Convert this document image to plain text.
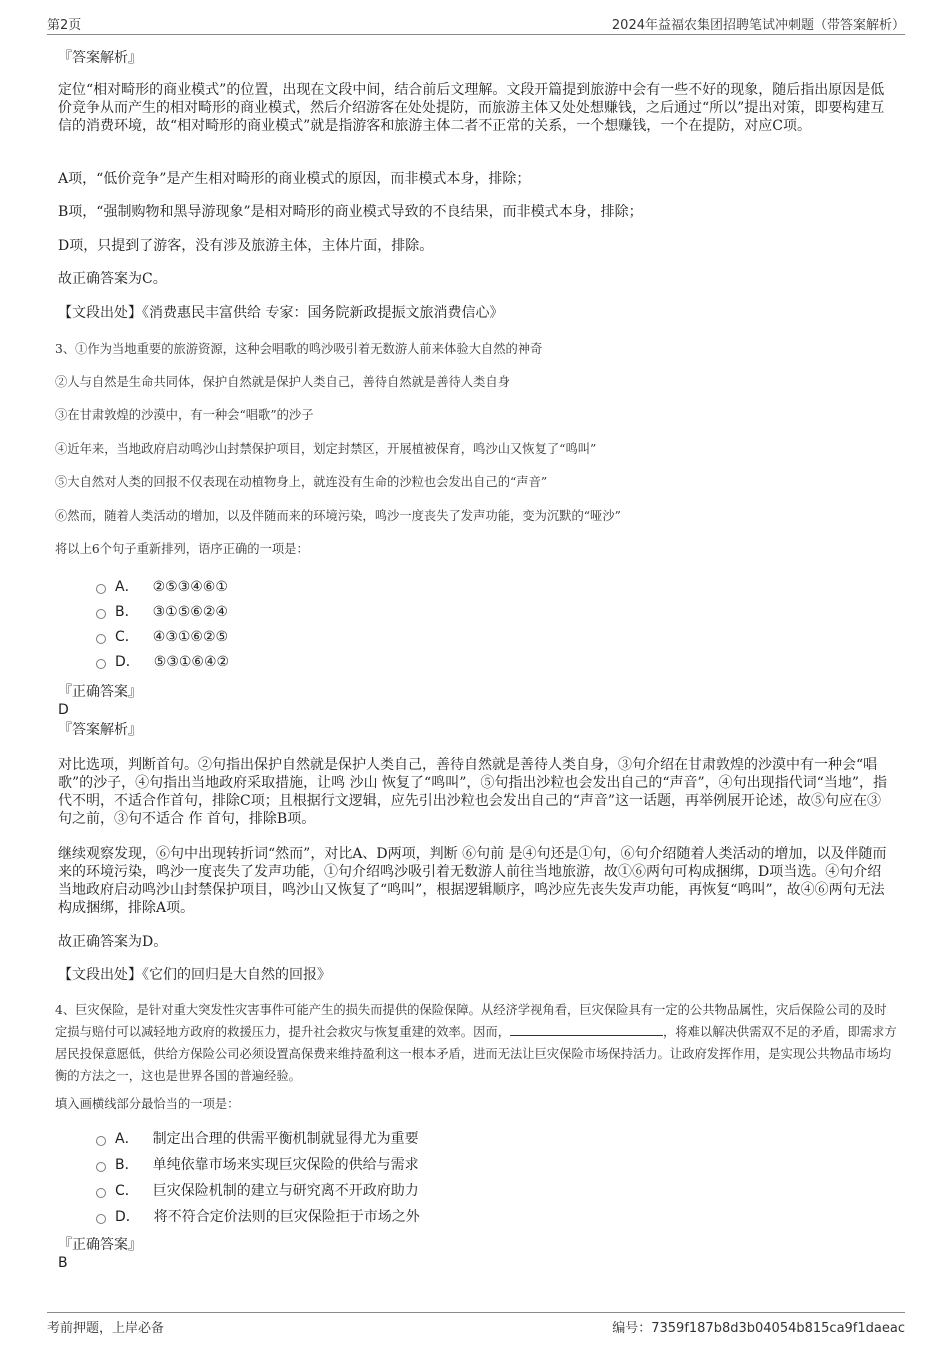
第2页	2024年益福农集团招聘笔试冲刺题（带答案解析）
『答案解析』

定位“相对畸形的商业模式”的位置，出现在文段中间，结合前后文理解。文段开篇提到旅游中会有一些不好的现象，随后指出原因是低价竞争从而产生的相对畸形的商业模式，然后介绍游客在处处提防，而旅游主体又处处想赚钱，之后通过“所以”提出对策，即要构建互信的消费环境，故“相对畸形的商业模式”就是指游客和旅游主体二者不正常的关系，一个想赚钱，一个在提防，对应C项。

A项，“低价竞争”是产生相对畸形的商业模式的原因，而非模式本身，排除；

B项，“强制购物和黑导游现象”是相对畸形的商业模式导致的不良结果，而非模式本身，排除；

D项，只提到了游客，没有涉及旅游主体，主体片面，排除。

故正确答案为C。

【文段出处】《消费惠民丰富供给 专家：国务院新政提振文旅消费信心》

3、①作为当地重要的旅游资源，这种会唱歌的鸣沙吸引着无数游人前来体验大自然的神奇

②人与自然是生命共同体，保护自然就是保护人类自己，善待自然就是善待人类自身

③在甘肃敦煌的沙漠中，有一种会“唱歌”的沙子

④近年来，当地政府启动鸣沙山封禁保护项目，划定封禁区，开展植被保育，鸣沙山又恢复了“鸣叫”

⑤大自然对人类的回报不仅表现在动植物身上，就连没有生命的沙粒也会发出自己的“声音”

⑥然而，随着人类活动的增加，以及伴随而来的环境污染，鸣沙一度丧失了发声功能，变为沉默的“哑沙”

将以上6个句子重新排列，语序正确的一项是：

A． ②⑤③④⑥①
B． ③①⑤⑥②④
C． ④③①⑥②⑤
D． ⑤③①⑥④②
『正确答案』
D
『答案解析』

对比选项，判断首句。②句指出保护自然就是保护人类自己，善待自然就是善待人类自身，③句介绍在甘肃敦煌的沙漠中有一种会“唱歌”的沙子，④句指出当地政府采取措施，让鸣 沙山 恢复了“鸣叫”，⑤句指出沙粒也会发出自己的“声音”，④句出现指代词“当地”，指代不明，不适合作首句，排除C项；且根据行文逻辑，应先引出沙粒也会发出自己的“声音”这一话题，再举例展开论述，故⑤句应在③句之前，③句不适合 作 首句，排除B项。

继续观察发现，⑥句中出现转折词“然而”，对比A、D两项，判断 ⑥句前 是④句还是①句，⑥句介绍随着人类活动的增加，以及伴随而来的环境污染，鸣沙一度丧失了发声功能，①句介绍鸣沙吸引着无数游人前往当地旅游，故①⑥两句可构成捆绑，D项当选。④句介绍当地政府启动鸣沙山封禁保护项目，鸣沙山又恢复了“鸣叫”，根据逻辑顺序，鸣沙应先丧失发声功能，再恢复“鸣叫”，故④⑥两句无法构成捆绑，排除A项。

故正确答案为D。

【文段出处】《它们的回归是大自然的回报》

4、巨灾保险，是针对重大突发性灾害事件可能产生的损失而提供的保险保障。从经济学视角看，巨灾保险具有一定的公共物品属性，灾后保险公司的及时定损与赔付可以减轻地方政府的救援压力，提升社会救灾与恢复重建的效率。因而，	，将难以解决供需双不足的矛盾，即需求方居民投保意愿低，供给方保险公司必须设置高保费来维持盈利这一根本矛盾，进而无法让巨灾保险市场保持活力。让政府发挥作用，是实现公共物品市场均衡的方法之一，这也是世界各国的普遍经验。

填入画横线部分最恰当的一项是：

A． 制定出合理的供需平衡机制就显得尤为重要
B． 单纯依靠市场来实现巨灾保险的供给与需求
C． 巨灾保险机制的建立与研究离不开政府助力
D． 将不符合定价法则的巨灾保险拒于市场之外
『正确答案』
B
考前押题，上岸必备	编号：7359f187b8d3b04054b815ca9f1daeac
